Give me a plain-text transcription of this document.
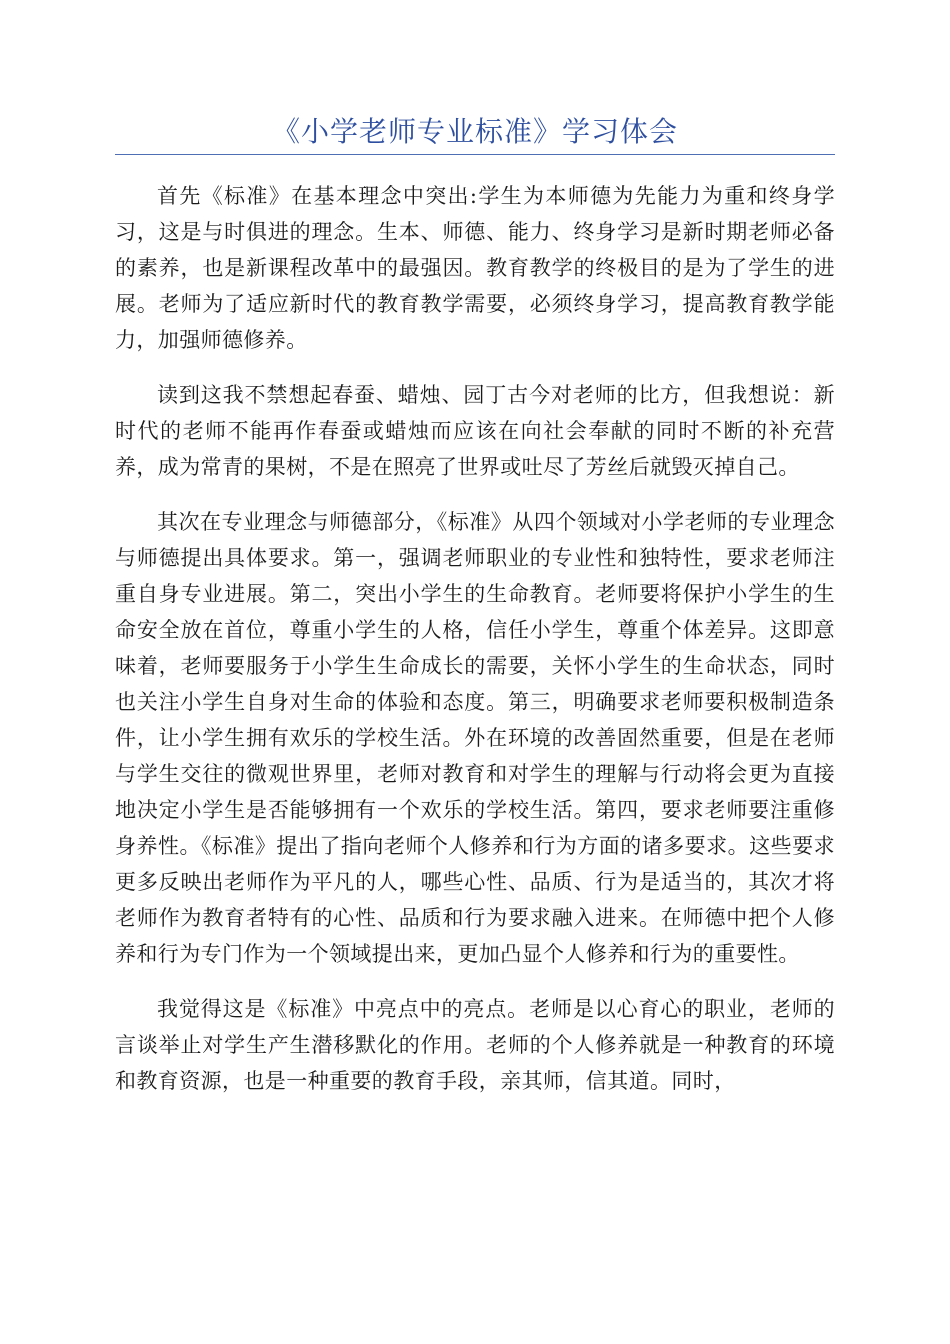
《小学老师专业标准》学习体会

首先《标准》在基本理念中突出:学生为本师德为先能力为重和终身学习，这是与时俱进的理念。生本、师德、能力、终身学习是新时期老师必备的素养，也是新课程改革中的最强因。教育教学的终极目的是为了学生的进展。老师为了适应新时代的教育教学需要，必须终身学习，提高教育教学能力，加强师德修养。

读到这我不禁想起春蚕、蜡烛、园丁古今对老师的比方，但我想说：新时代的老师不能再作春蚕或蜡烛而应该在向社会奉献的同时不断的补充营养，成为常青的果树，不是在照亮了世界或吐尽了芳丝后就毁灭掉自己。

其次在专业理念与师德部分，《标准》从四个领域对小学老师的专业理念与师德提出具体要求。第一，强调老师职业的专业性和独特性，要求老师注重自身专业进展。第二，突出小学生的生命教育。老师要将保护小学生的生命安全放在首位，尊重小学生的人格，信任小学生，尊重个体差异。这即意味着，老师要服务于小学生生命成长的需要，关怀小学生的生命状态，同时也关注小学生自身对生命的体验和态度。第三，明确要求老师要积极制造条件，让小学生拥有欢乐的学校生活。外在环境的改善固然重要，但是在老师与学生交往的微观世界里，老师对教育和对学生的理解与行动将会更为直接地决定小学生是否能够拥有一个欢乐的学校生活。第四，要求老师要注重修身养性。《标准》提出了指向老师个人修养和行为方面的诸多要求。这些要求更多反映出老师作为平凡的人，哪些心性、品质、行为是适当的，其次才将老师作为教育者特有的心性、品质和行为要求融入进来。在师德中把个人修养和行为专门作为一个领域提出来，更加凸显个人修养和行为的重要性。

我觉得这是《标准》中亮点中的亮点。老师是以心育心的职业，老师的言谈举止对学生产生潜移默化的作用。老师的个人修养就是一种教育的环境和教育资源，也是一种重要的教育手段，亲其师，信其道。同时，
